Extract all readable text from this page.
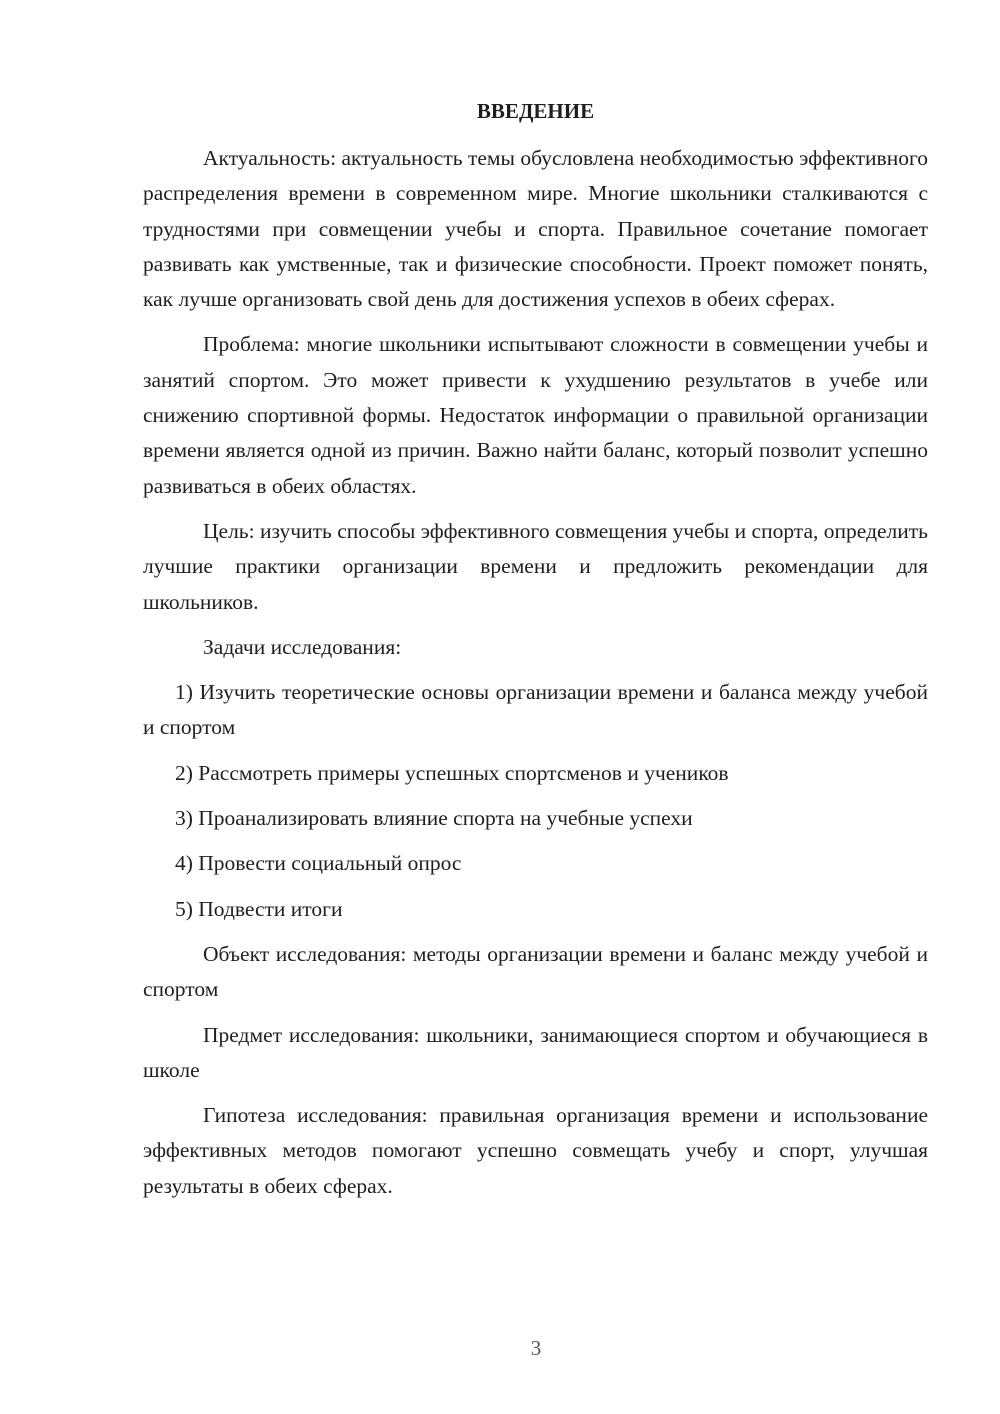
ВВЕДЕНИЕ

Актуальность: актуальность темы обусловлена необходимостью эффективного распределения времени в современном мире. Многие школьники сталкиваются с трудностями при совмещении учебы и спорта. Правильное сочетание помогает развивать как умственные, так и физические способности. Проект поможет понять, как лучше организовать свой день для достижения успехов в обеих сферах.

Проблема: многие школьники испытывают сложности в совмещении учебы и занятий спортом. Это может привести к ухудшению результатов в учебе или снижению спортивной формы. Недостаток информации о правильной организации времени является одной из причин. Важно найти баланс, который позволит успешно развиваться в обеих областях.

Цель: изучить способы эффективного совмещения учебы и спорта, определить лучшие практики организации времени и предложить рекомендации для школьников.

Задачи исследования:

1) Изучить теоретические основы организации времени и баланса между учебой и спортом

2) Рассмотреть примеры успешных спортсменов и учеников

3) Проанализировать влияние спорта на учебные успехи

4) Провести социальный опрос

5) Подвести итоги

Объект исследования: методы организации времени и баланс между учебой и спортом

Предмет исследования: школьники, занимающиеся спортом и обучающиеся в школе

Гипотеза исследования: правильная организация времени и использование эффективных методов помогают успешно совмещать учебу и спорт, улучшая результаты в обеих сферах.

3
